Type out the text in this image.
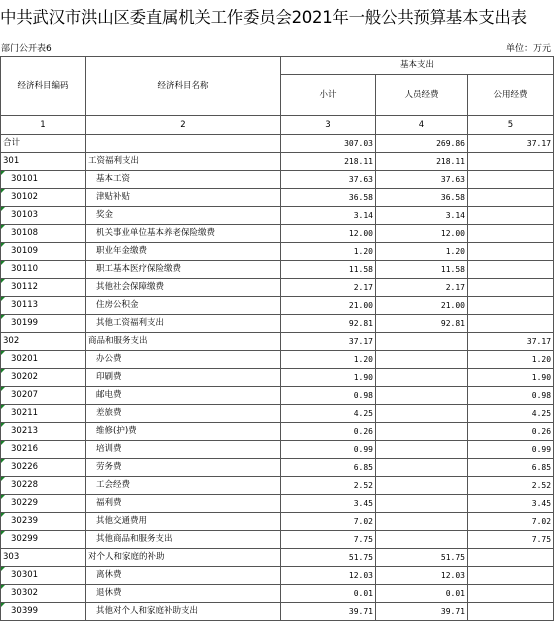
中共武汉市洪山区委直属机关工作委员会2021年一般公共预算基本支出表
部门公开表6	单位：万元
经济科目编码	经济科目名称	基本支出		
		小计	人员经费	公用经费
1	2	3	4	5
合计		307.03	269.86	37.17
301	工资福利支出	218.11	218.11	
30101	基本工资	37.63	37.63	
30102	津贴补贴	36.58	36.58	
30103	奖金	3.14	3.14	
30108	机关事业单位基本养老保险缴费	12.00	12.00	
30109	职业年金缴费	1.20	1.20	
30110	职工基本医疗保险缴费	11.58	11.58	
30112	其他社会保障缴费	2.17	2.17	
30113	住房公积金	21.00	21.00	
30199	其他工资福利支出	92.81	92.81	
302	商品和服务支出	37.17		37.17
30201	办公费	1.20		1.20
30202	印刷费	1.90		1.90
30207	邮电费	0.98		0.98
30211	差旅费	4.25		4.25
30213	维修(护)费	0.26		0.26
30216	培训费	0.99		0.99
30226	劳务费	6.85		6.85
30228	工会经费	2.52		2.52
30229	福利费	3.45		3.45
30239	其他交通费用	7.02		7.02
30299	其他商品和服务支出	7.75		7.75
303	对个人和家庭的补助	51.75	51.75	
30301	离休费	12.03	12.03	
30302	退休费	0.01	0.01	
30399	其他对个人和家庭补助支出	39.71	39.71	
